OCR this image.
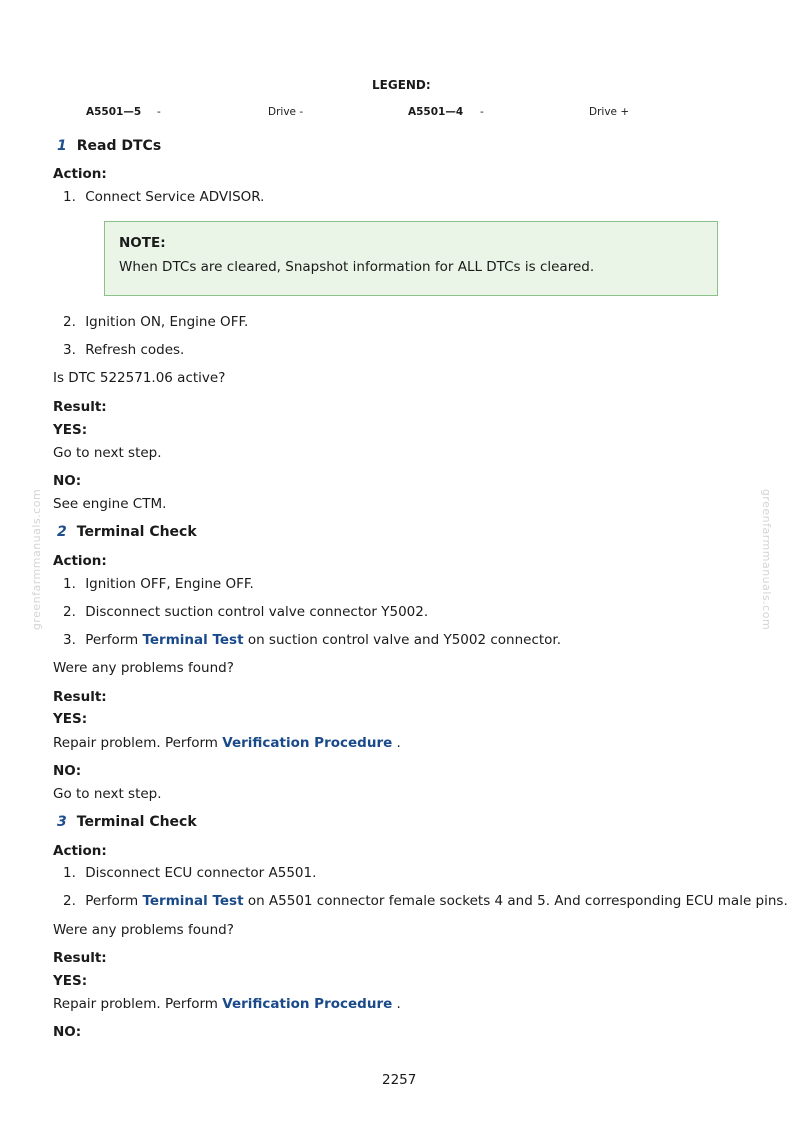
LEGEND:
A5501—5 -	Drive -	A5501—4 -	Drive +
1 Read DTCs
Action:
1. Connect Service ADVISOR.
NOTE:
When DTCs are cleared, Snapshot information for ALL DTCs is cleared.
2. Ignition ON, Engine OFF.
3. Refresh codes.
Is DTC 522571.06 active?
Result:
YES:
Go to next step.
NO:
See engine CTM.
2 Terminal Check
Action:
1. Ignition OFF, Engine OFF.
2. Disconnect suction control valve connector Y5002.
3. Perform Terminal Test on suction control valve and Y5002 connector.
Were any problems found?
Result:
YES:
Repair problem. Perform Verification Procedure .
NO:
Go to next step.
3 Terminal Check
Action:
1. Disconnect ECU connector A5501.
2. Perform Terminal Test on A5501 connector female sockets 4 and 5. And corresponding ECU male pins.
Were any problems found?
Result:
YES:
Repair problem. Perform Verification Procedure .
NO:
2257
greenfarmmanuals.com	greenfarmmanuals.com
